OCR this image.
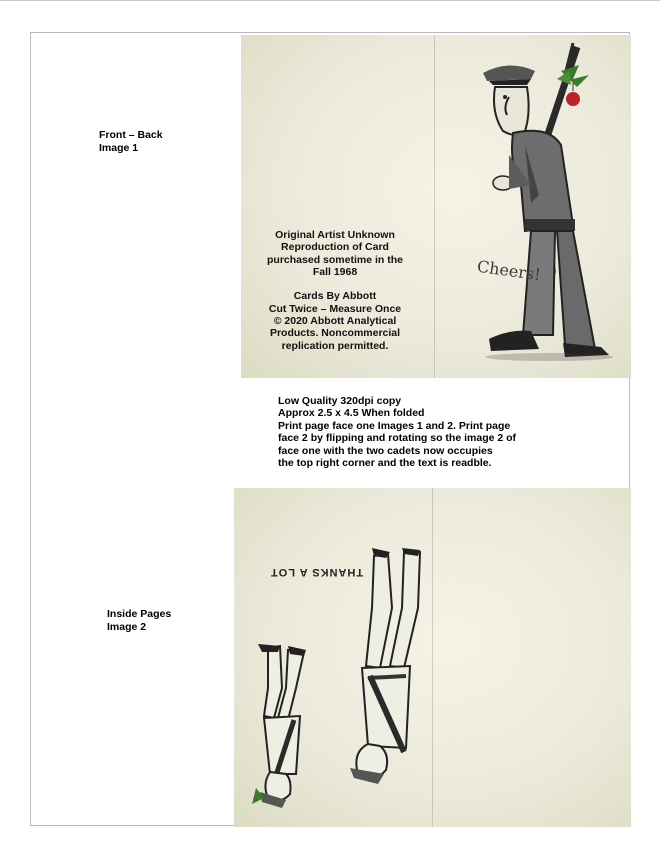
Front – Back
Image 1
Original Artist Unknown
Reproduction of Card
purchased sometime in the
Fall 1968

Cards By Abbott
Cut Twice – Measure Once
© 2020 Abbott Analytical
Products. Noncommercial
replication permitted.
Cheers!
Low Quality 320dpi copy
Approx 2.5 x 4.5 When folded
Print page face one Images 1 and 2. Print page
face 2 by flipping and rotating so the image 2 of
face one with the two cadets now occupies
the top right corner and the text is readble.
Inside Pages
Image 2
THANKS A LOT
